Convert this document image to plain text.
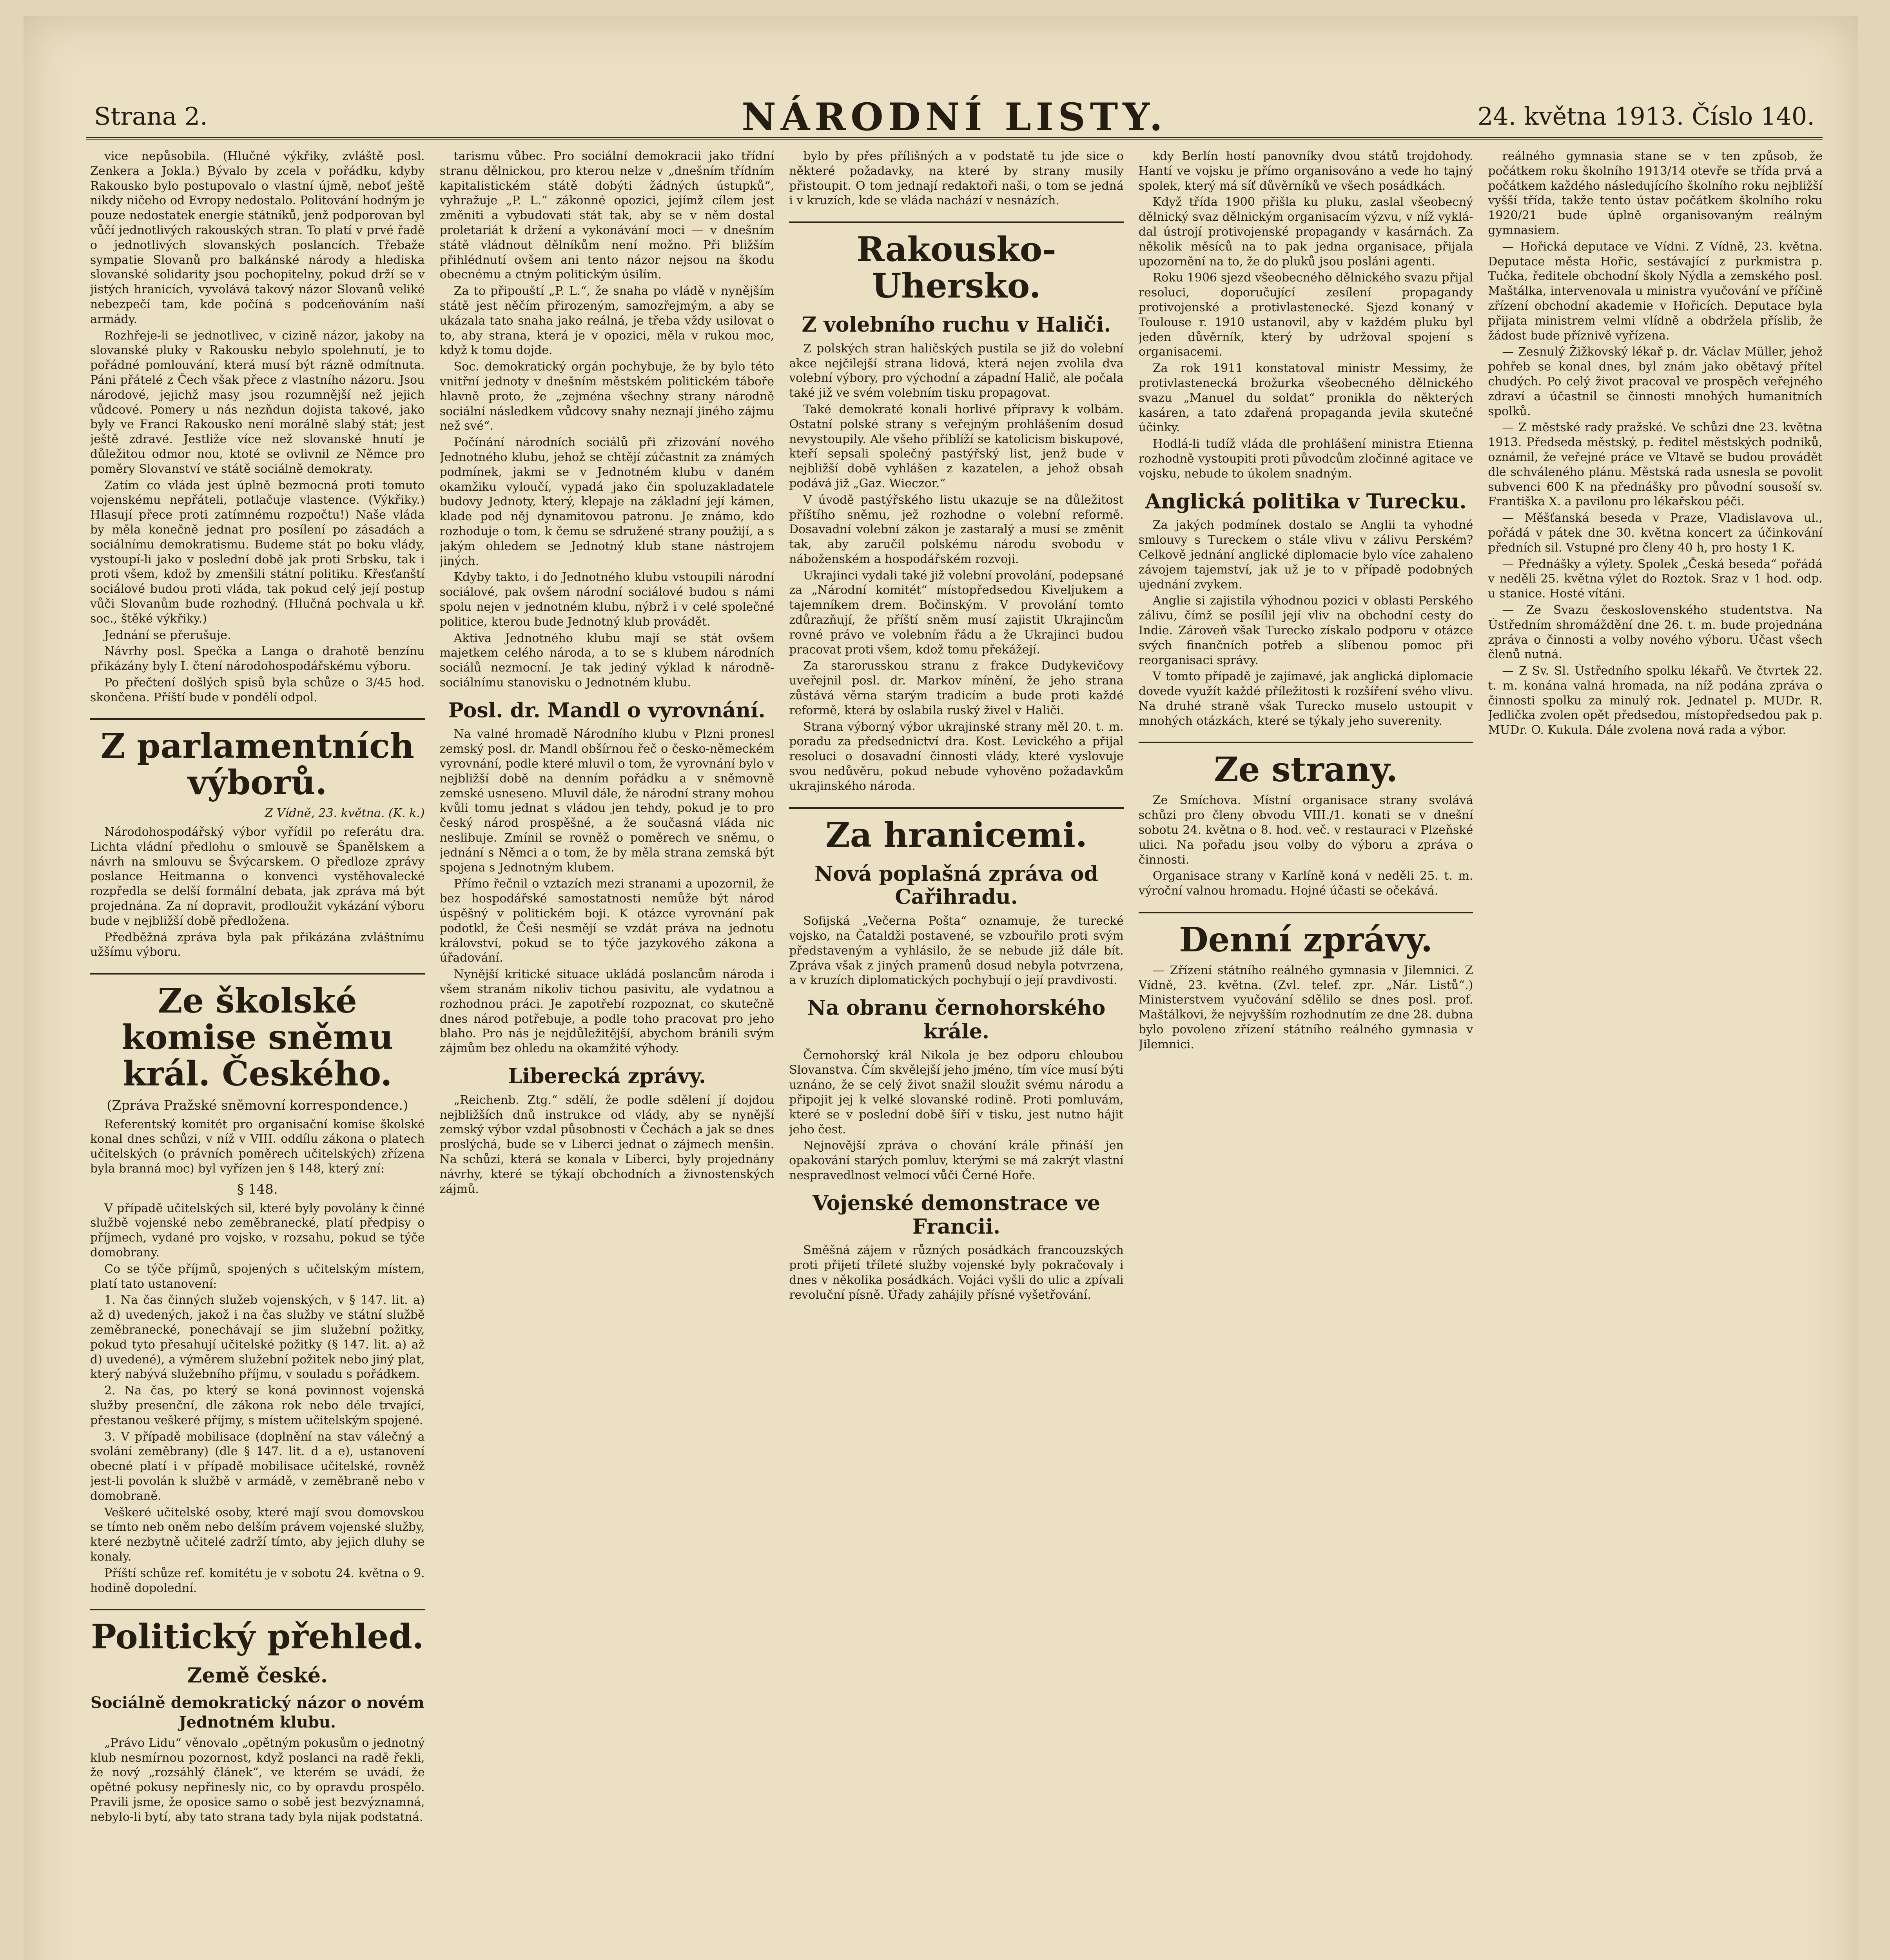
Strana 2.	NÁRODNÍ LISTY.	24. května 1913. Číslo 140.

vice nepůsobila. (Hlučné výkřiky, zvláště posl. Zenkera a Jokla.) Bývalo by zcela v pořádku, kdyby Rakousko bylo postupovalo o vlastní újmě, neboť ještě nikdy ničeho od Evropy nedostalo. Politování hodným je pouze nedostatek energie státníků, jenž podporovan byl vůčí jednotlivých rakouských stran. To platí v prvé řadě o jednotlivých slovanských poslancích. Třebaže sympatie Slovanů pro balkánské národy a hlediska slovanské solidarity jsou pochopitelny, pokud drží se v jistých hranicích, vyvolává takový názor Slovanů veliké nebezpečí tam, kde počíná s podceňováním naší armády.

Rozhřeje-li se jednotlivec, v cizině názor, jakoby na slovanské pluky v Rakousku nebylo spolehnutí, je to pořádné pomlouvání, která musí být rázně odmítnuta. Páni přátelé z Čech však přece z vlastního názoru. Jsou národové, jejichž masy jsou rozumnější než jejich vůdcové. Pomery u nás nezňdun dojista takové, jako byly ve Franci Rakousko není morálně slabý stát; jest ještě zdravé. Jestliže více než slovanské hnutí je důležitou odmor nou, ktoté se ovlivnil ze Němce pro poměry Slovanství ve státě sociálně demokraty.

Zatím co vláda jest úplně bezmocná proti tomuto vojenskému nepřáteli, potlačuje vlastence. (Výkřiky.) Hlasují přece proti zatímnému rozpočtu!) Naše vláda by měla konečně jednat pro posílení po zásadách a sociálnímu demokratismu. Budeme stát po boku vlády, vystoupí-li jako v poslední době jak proti Srbsku, tak i proti všem, kdož by zmenšili státní politiku. Křesťanští sociálové budou proti vláda, tak pokud celý její postup vůči Slovanům bude rozhodný. (Hlučná pochvala u kř. soc., štěké výkřiky.)

Jednání se přerušuje.

Návrhy posl. Spečka a Langa o drahotě benzínu přikázány byly I. čtení národohospodářskému výboru.

Po přečtení došlých spisů byla schůze o 3/45 hod. skončena. Příští bude v pondělí odpol.

Z parlamentních výborů.
Z Vídně, 23. května. (K. k.)

Národohospodářský výbor vyřídil po referátu dra. Lichta vládní předlohu o smlouvě se Španělskem a návrh na smlouvu se Švýcarskem. O předloze zprávy poslance Heitmanna o konvenci vystěhovalecké rozpředla se delší formální debata, jak zpráva má být projednána. Za ní dopravit, prodloužit vykázání výboru bude v nejbližší době předložena.

Předběžná zpráva byla pak přikázána zvláštnímu užšímu výboru.

Ze školské komise sněmu král. Českého.
(Zpráva Pražské sněmovní korrespondence.)

Referentský komitét pro organisační komise školské konal dnes schůzi, v níž v VIII. oddílu zákona o platech učitelských (o právních poměrech učitelských) zřízena byla branná moc) byl vyřízen jen § 148, který zní:

§ 148.

V případě učitelských sil, které byly povolány k činné službě vojenské nebo zeměbranecké, platí předpisy o příjmech, vydané pro vojsko, v rozsahu, pokud se týče domobrany.

Co se týče příjmů, spojených s učitelským místem, platí tato ustanovení:

1. Na čas činných služeb vojenských, v § 147. lit. a) až d) uvedených, jakož i na čas služby ve státní službě zeměbranecké, ponechávají se jim služební požitky, pokud tyto přesahují učitelské požitky (§ 147. lit. a) až d) uvedené), a výměrem služební požitek nebo jiný plat, který nabývá služebního příjmu, v souladu s pořádkem.

2. Na čas, po který se koná povinnost vojenská služby presenční, dle zákona rok nebo déle trvající, přestanou veškeré příjmy, s místem učitelským spojené.

3. V případě mobilisace (doplnění na stav válečný a svolání zeměbrany) (dle § 147. lit. d a e), ustanovení obecné platí i v případě mobilisace učitelské, rovněž jest-li povolán k službě v armádě, v zeměbraně nebo v domobraně.

Veškeré učitelské osoby, které mají svou domovskou se tímto neb oněm nebo delším právem vojenské služby, které nezbytně učitelé zadrží tímto, aby jejich dluhy se konaly.

Příští schůze ref. komitétu je v sobotu 24. května o 9. hodině dopolední.

Politický přehled.
Země české.
Sociálně demokratický názor o novém Jednotném klubu.

„Právo Lidu“ věnovalo „opětným pokusům o jednotný klub nesmírnou pozornost, když poslanci na radě řekli, že nový „rozsáhlý článek“, ve kterém se uvádí, že opětné pokusy nepřinesly nic, co by opravdu prospělo. Pravili jsme, že oposice samo o sobě jest bezvýznamná, nebylo-li bytí, aby tato strana tady byla nijak podstatná.

tarismu vůbec. Pro sociální demokracii jako třídní stranu dělnickou, pro kterou nelze v „dnešním třídním kapitalistickém státě dobýti žádných ústupků“, vyhražuje „P. L.“ zákonné opozici, jejímž cílem jest změniti a vybudovati stát tak, aby se v něm dostal proletariát k držení a vykonávání moci — v dnešním státě vládnout dělníkům není možno. Při bližším přihlédnutí ovšem ani tento názor nejsou na škodu obecnému a ctným politickým úsilím.

Za to připouští „P. L.“, že snaha po vládě v nynějším státě jest něčím přirozeným, samozřejmým, a aby se ukázala tato snaha jako reálná, je třeba vždy usilovat o to, aby strana, která je v opozici, měla v rukou moc, když k tomu dojde.

Soc. demokratický orgán pochybuje, že by bylo této vnitřní jednoty v dnešním městském politickém táboře hlavně proto, že „zejména všechny strany národně sociální následkem vůdcovy snahy neznají jiného zájmu než své“.

Počínání národních sociálů při zřizování nového Jednotného klubu, jehož se chtějí zúčastnit za známých podmínek, jakmi se v Jednotném klubu v daném okamžiku vyloučí, vypadá jako čin spoluzakladatele budovy Jednoty, který, klepaje na základní její kámen, klade pod něj dynamitovou patronu. Je známo, kdo rozhoduje o tom, k čemu se sdružené strany použijí, a s jakým ohledem se Jednotný klub stane nástrojem jiných.

Kdyby takto, i do Jednotného klubu vstoupili národní sociálové, pak ovšem národní sociálové budou s námi spolu nejen v jednotném klubu, nýbrž i v celé společné politice, kterou bude Jednotný klub provádět.

Aktiva Jednotného klubu mají se stát ovšem majetkem celého národa, a to se s klubem národních sociálů nezmocní. Je tak jediný výklad k národně-sociálnímu stanovisku o Jednotném klubu.

Posl. dr. Mandl o vyrovnání.

Na valné hromadě Národního klubu v Plzni pronesl zemský posl. dr. Mandl obšírnou řeč o česko-německém vyrovnání, podle které mluvil o tom, že vyrovnání bylo v nejbližší době na denním pořádku a v sněmovně zemské usneseno. Mluvil dále, že národní strany mohou kvůli tomu jednat s vládou jen tehdy, pokud je to pro český národ prospěšné, a že současná vláda nic neslibuje. Zmínil se rovněž o poměrech ve sněmu, o jednání s Němci a o tom, že by měla strana zemská být spojena s Jednotným klubem.

Přímo řečnil o vztazích mezi stranami a upozornil, že bez hospodářské samostatnosti nemůže být národ úspěšný v politickém boji. K otázce vyrovnání pak podotkl, že Češi nesmějí se vzdát práva na jednotu království, pokud se to týče jazykového zákona a úřadování.

Nynější kritické situace ukládá poslancům národa i všem stranám nikoliv tichou pasivitu, ale vydatnou a rozhodnou práci. Je zapotřebí rozpoznat, co skutečně dnes národ potřebuje, a podle toho pracovat pro jeho blaho. Pro nás je nejdůležitější, abychom bránili svým zájmům bez ohledu na okamžité výhody.

Liberecká zprávy.

„Reichenb. Ztg.“ sdělí, že podle sdělení jí dojdou nejbližších dnů instrukce od vlády, aby se nynější zemský výbor vzdal působnosti v Čechách a jak se dnes proslýchá, bude se v Liberci jednat o zájmech menšin. Na schůzi, která se konala v Liberci, byly projednány návrhy, které se týkají obchodních a živnostenských zájmů.

bylo by přes přílišných a v podstatě tu jde sice o některé požadavky, na které by strany musily přistoupit. O tom jednají redaktoři naši, o tom se jedná i v kruzích, kde se vláda nachází v nesnázích.

Rakousko-Uhersko.
Z volebního ruchu v Haliči.

Z polských stran haličských pustila se již do volební akce nejčilejší strana lidová, která nejen zvolila dva volební výbory, pro východní a západní Halič, ale počala také již ve svém volebním tisku propagovat.

Také demokraté konali horlivé přípravy k volbám. Ostatní polské strany s veřejným prohlášením dosud nevystoupily. Ale všeho přiblíží se katolicism biskupové, kteří sepsali společný pastýřský list, jenž bude v nejbližší době vyhlášen z kazatelen, a jehož obsah podává již „Gaz. Wieczor.“

V úvodě pastýřského listu ukazuje se na důležitost příštího sněmu, jež rozhodne o volební reformě. Dosavadní volební zákon je zastaralý a musí se změnit tak, aby zaručil polskému národu svobodu v náboženském a hospodářském rozvoji.

Ukrajinci vydali také již volební provolání, podepsané za „Národní komitét“ místopředsedou Kiveljukem a tajemníkem drem. Bočinským. V provolání tomto zdůrazňují, že příští sněm musí zajistit Ukrajincům rovné právo ve volebním řádu a že Ukrajinci budou pracovat proti všem, kdož tomu překážejí.

Za starorusskou stranu z frakce Dudykevičovy uveřejnil posl. dr. Markov mínění, že jeho strana zůstává věrna starým tradicím a bude proti každé reformě, která by oslabila ruský živel v Haliči.

Strana výborný výbor ukrajinské strany měl 20. t. m. poradu za předsednictví dra. Kost. Levického a přijal resoluci o dosavadní činnosti vlády, které vyslovuje svou nedůvěru, pokud nebude vyhověno požadavkům ukrajinského národa.

Za hranicemi.
Nová poplašná zpráva od Cařihradu.

Sofijská „Večerna Pošta“ oznamuje, že turecké vojsko, na Čataldži postavené, se vzbouřilo proti svým představeným a vyhlásilo, že se nebude již dále bít. Zpráva však z jiných pramenů dosud nebyla potvrzena, a v kruzích diplomatických pochybují o její pravdivosti.

Na obranu černohorského krále.

Černohorský král Nikola je bez odporu chloubou Slovanstva. Čím skvělejší jeho jméno, tím více musí býti uznáno, že se celý život snažil sloužit svému národu a připojit jej k velké slovanské rodině. Proti pomluvám, které se v poslední době šíří v tisku, jest nutno hájit jeho čest.

Nejnovější zpráva o chování krále přináší jen opakování starých pomluv, kterými se má zakrýt vlastní nespravedlnost velmocí vůči Černé Hoře.

Vojenské demonstrace ve Francii.

Směšná zájem v různých posádkách francouzských proti přijetí tříleté služby vojenské byly pokračovaly i dnes v několika posádkách. Vojáci vyšli do ulic a zpívali revoluční písně. Úřady zahájily přísné vyšetřování.

kdy Berlín hostí panovníky dvou států trojdohody. Hantí ve vojsku je přímo organisováno a vede ho tajný spolek, který má síť důvěrníků ve všech posádkách.

Když třída 1900 přišla ku pluku, zaslal všeobecný dělnický svaz dělnickým organisacím výzvu, v níž vykládal ústrojí protivojenské propagandy v kasárnách. Za několik měsíců na to pak jedna organisace, přijala upozornění na to, že do pluků jsou posláni agenti.

Roku 1906 sjezd všeobecného dělnického svazu přijal resoluci, doporučující zesílení propagandy protivojenské a protivlastenecké. Sjezd konaný v Toulouse r. 1910 ustanovil, aby v každém pluku byl jeden důvěrník, který by udržoval spojení s organisacemi.

Za rok 1911 konstatoval ministr Messimy, že protivlastenecká brožurka všeobecného dělnického svazu „Manuel du soldat“ pronikla do některých kasáren, a tato zdařená propaganda jevila skutečné účinky.

Hodlá-li tudíž vláda dle prohlášení ministra Etienna rozhodně vystoupiti proti původcům zločinné agitace ve vojsku, nebude to úkolem snadným.

Anglická politika v Turecku.

Za jakých podmínek dostalo se Anglii ta vyhodné smlouvy s Tureckem o stále vlivu v zálivu Perském? Celkově jednání anglické diplomacie bylo více zahaleno závojem tajemství, jak už je to v případě podobných ujednání zvykem.

Anglie si zajistila výhodnou pozici v oblasti Perského zálivu, čímž se posílil její vliv na obchodní cesty do Indie. Zároveň však Turecko získalo podporu v otázce svých finančních potřeb a slíbenou pomoc při reorganisaci správy.

V tomto případě je zajímavé, jak anglická diplomacie dovede využít každé příležitosti k rozšíření svého vlivu. Na druhé straně však Turecko muselo ustoupit v mnohých otázkách, které se týkaly jeho suverenity.

Ze strany.

Ze Smíchova. Místní organisace strany svolává schůzi pro členy obvodu VIII./1. konati se v dnešní sobotu 24. května o 8. hod. več. v restauraci v Plzeňské ulici. Na pořadu jsou volby do výboru a zpráva o činnosti.

Organisace strany v Karlíně koná v neděli 25. t. m. výroční valnou hromadu. Hojné účasti se očekává.

Denní zprávy.

— Zřízení státního reálného gymnasia v Jilemnici. Z Vídně, 23. května. (Zvl. telef. zpr. „Nár. Listů“.) Ministerstvem vyučování sdělilo se dnes posl. prof. Maštálkovi, že nejvyšším rozhodnutím ze dne 28. dubna bylo povoleno zřízení státního reálného gymnasia v Jilemnici.

reálného gymnasia stane se v ten způsob, že počátkem roku školního 1913/14 otevře se třída prvá a počátkem každého následujícího školního roku nejbližší vyšší třída, takže tento ústav počátkem školního roku 1920/21 bude úplně organisovaným reálným gymnasiem.

— Hořická deputace ve Vídni. Z Vídně, 23. května. Deputace města Hořic, sestávající z purkmistra p. Tučka, ředitele obchodní školy Nýdla a zemského posl. Maštálka, intervenovala u ministra vyučování ve příčině zřízení obchodní akademie v Hořicích. Deputace byla přijata ministrem velmi vlídně a obdržela příslib, že žádost bude příznivě vyřízena.

— Zesnulý Žižkovský lékař p. dr. Václav Müller, jehož pohřeb se konal dnes, byl znám jako obětavý přítel chudých. Po celý život pracoval ve prospěch veřejného zdraví a účastnil se činnosti mnohých humanitních spolků.

— Z městské rady pražské. Ve schůzi dne 23. května 1913. Předseda městský, p. ředitel městských podniků, oznámil, že veřejné práce ve Vltavě se budou provádět dle schváleného plánu. Městská rada usnesla se povolit subvenci 600 K na přednášky pro původní sousoší sv. Františka X. a pavilonu pro lékařskou péči.

— Měšťanská beseda v Praze, Vladislavova ul., pořádá v pátek dne 30. května koncert za účinkování předních sil. Vstupné pro členy 40 h, pro hosty 1 K.

— Přednášky a výlety. Spolek „Česká beseda“ pořádá v neděli 25. května výlet do Roztok. Sraz v 1 hod. odp. u stanice. Hosté vítáni.

— Ze Svazu československého studentstva. Na Ústředním shromáždění dne 26. t. m. bude projednána zpráva o činnosti a volby nového výboru. Účast všech členů nutná.

— Z Sv. Sl. Ústředního spolku lékařů. Ve čtvrtek 22. t. m. konána valná hromada, na níž podána zpráva o činnosti spolku za minulý rok. Jednatel p. MUDr. R. Jedlička zvolen opět předsedou, místopředsedou pak p. MUDr. O. Kukula. Dále zvolena nová rada a výbor.
